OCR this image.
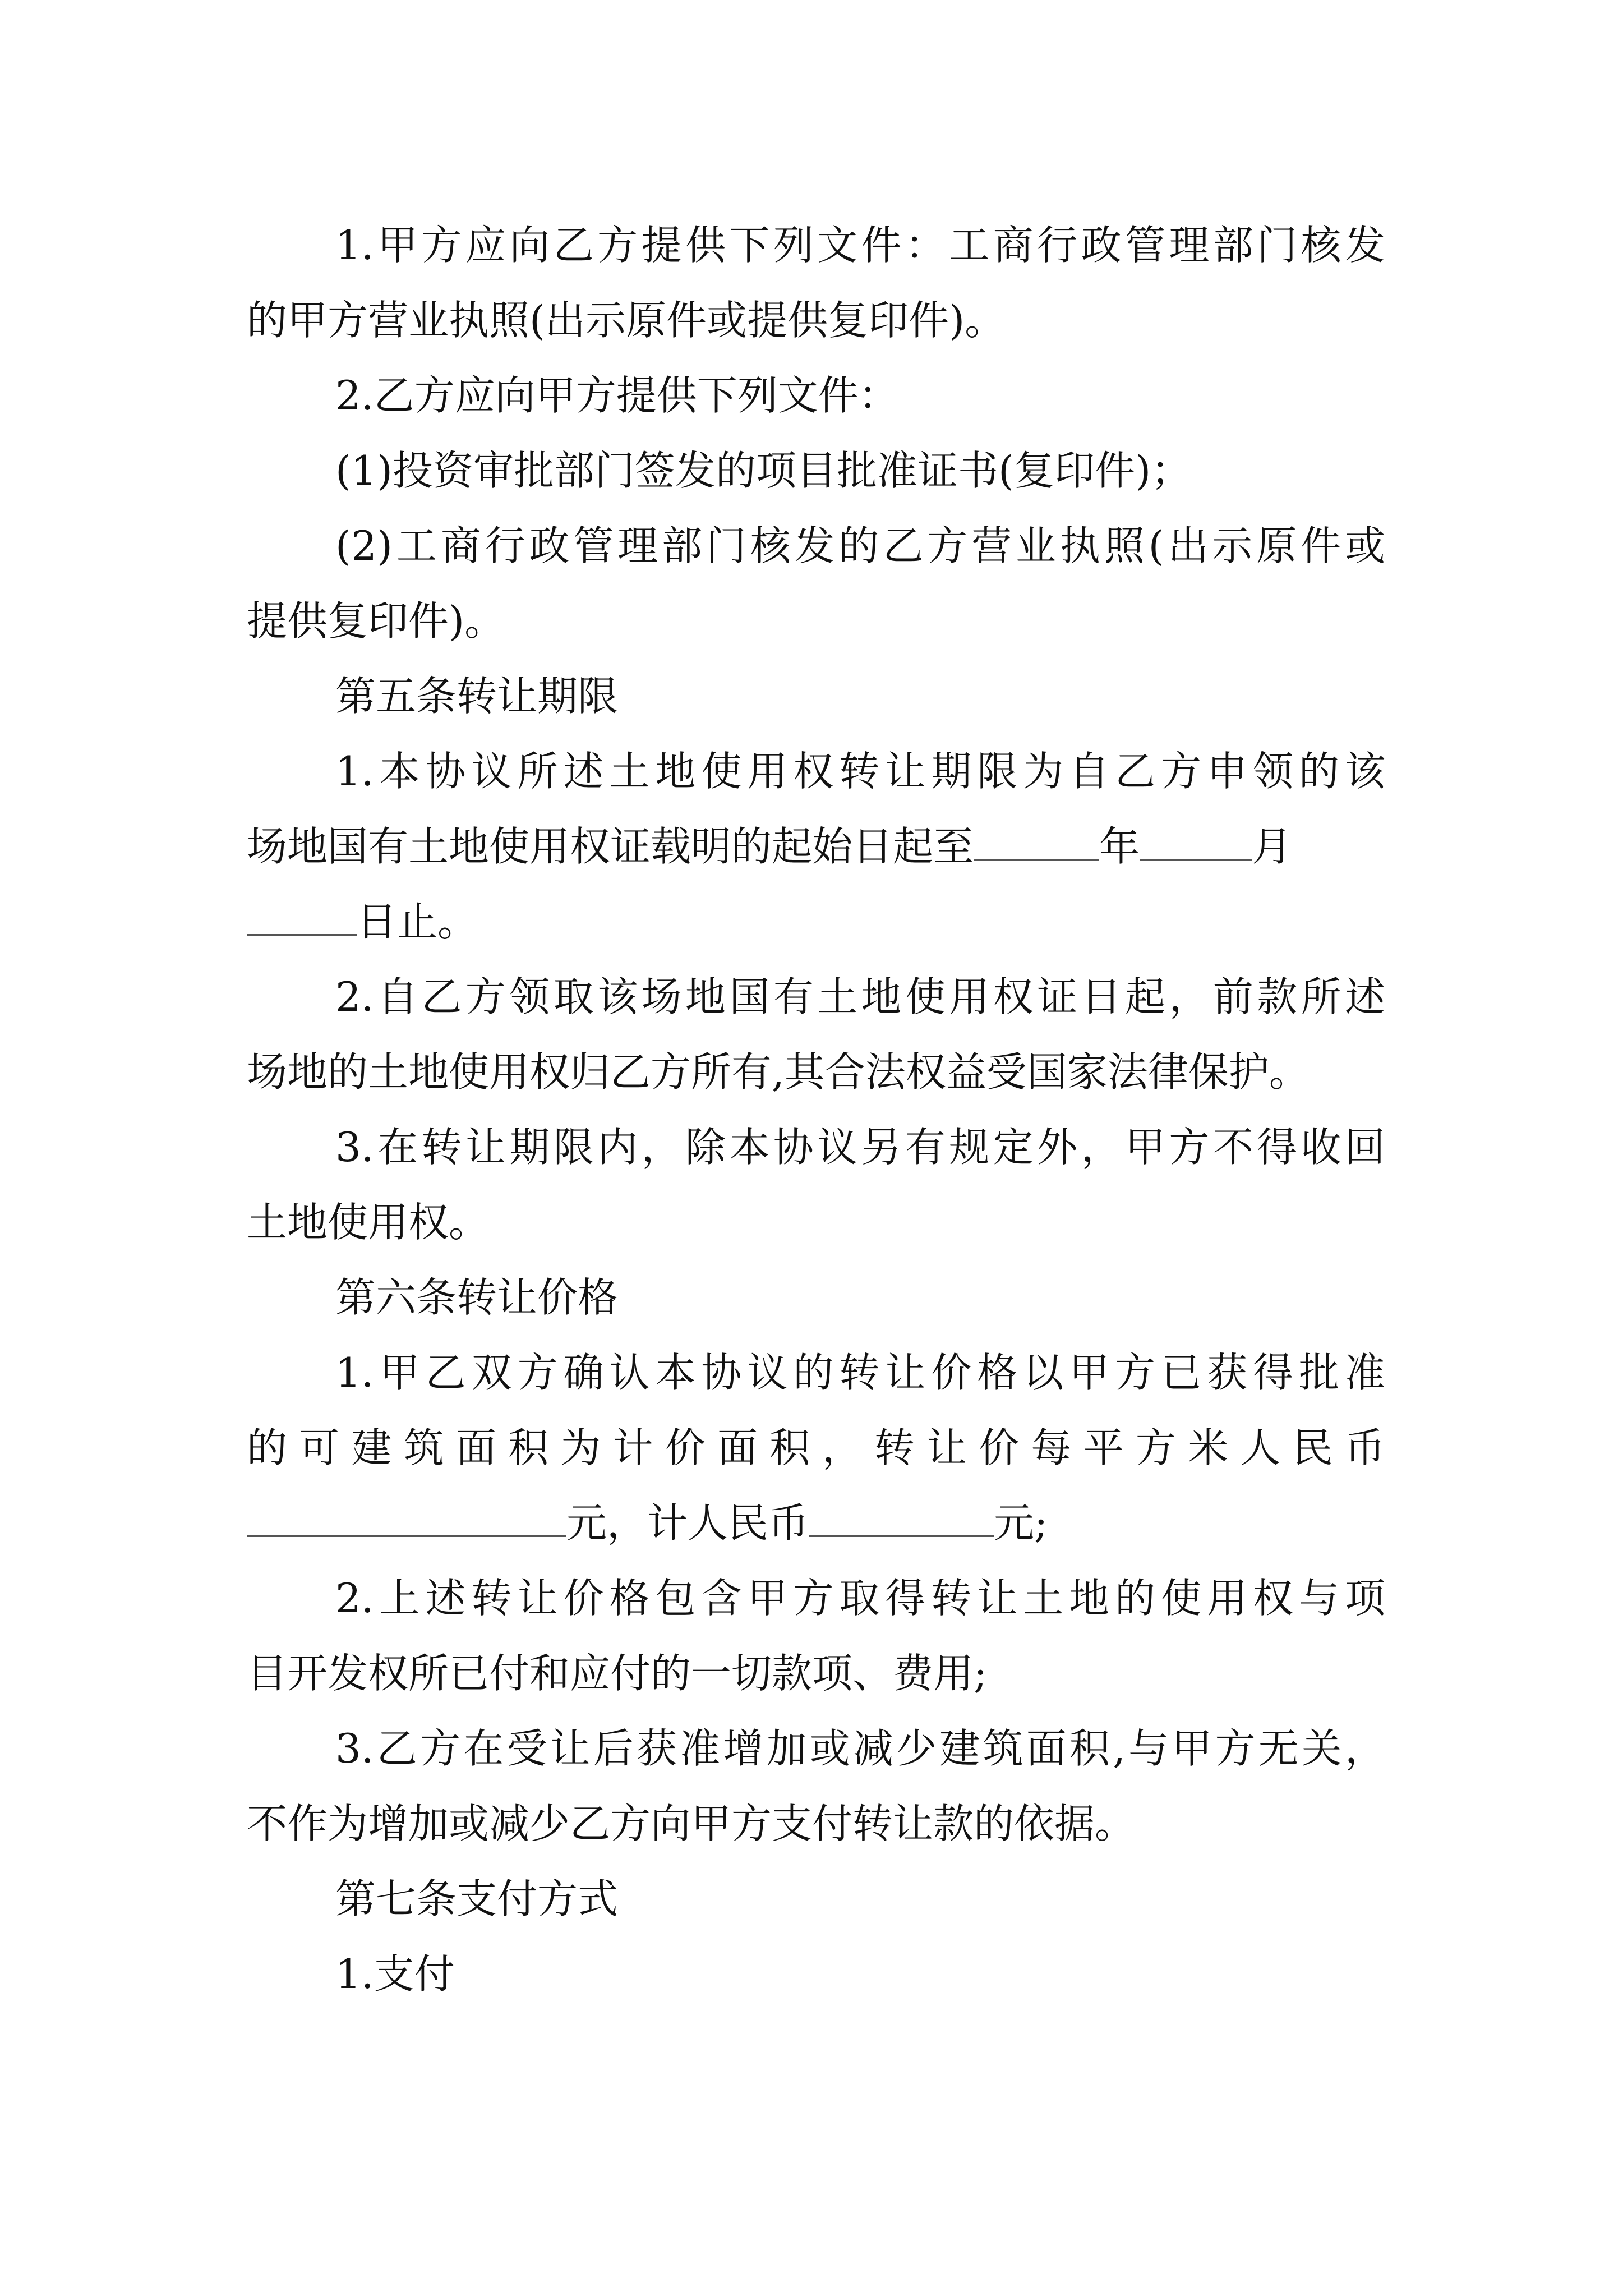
1.甲方应向乙方提供下列文件：工商行政管理部门核发
的甲方营业执照(出示原件或提供复印件)。
2.乙方应向甲方提供下列文件：
(1)投资审批部门签发的项目批准证书(复印件)；
(2)工商行政管理部门核发的乙方营业执照(出示原件或
提供复印件)。
第五条转让期限
1.本协议所述土地使用权转让期限为自乙方申领的该
场地国有土地使用权证载明的起始日起至	年	月
日止。
2.自乙方领取该场地国有土地使用权证日起，前款所述
场地的土地使用权归乙方所有,其合法权益受国家法律保护。
3.在转让期限内，除本协议另有规定外，甲方不得收回
土地使用权。
第六条转让价格
1.甲乙双方确认本协议的转让价格以甲方已获得批准
的可建筑面积为计价面积，转让价每平方米人民币
元，计人民币	元;
2.上述转让价格包含甲方取得转让土地的使用权与项
目开发权所已付和应付的一切款项、费用;
3.乙方在受让后获准增加或减少建筑面积,与甲方无关，
不作为增加或减少乙方向甲方支付转让款的依据。
第七条支付方式
1.支付
